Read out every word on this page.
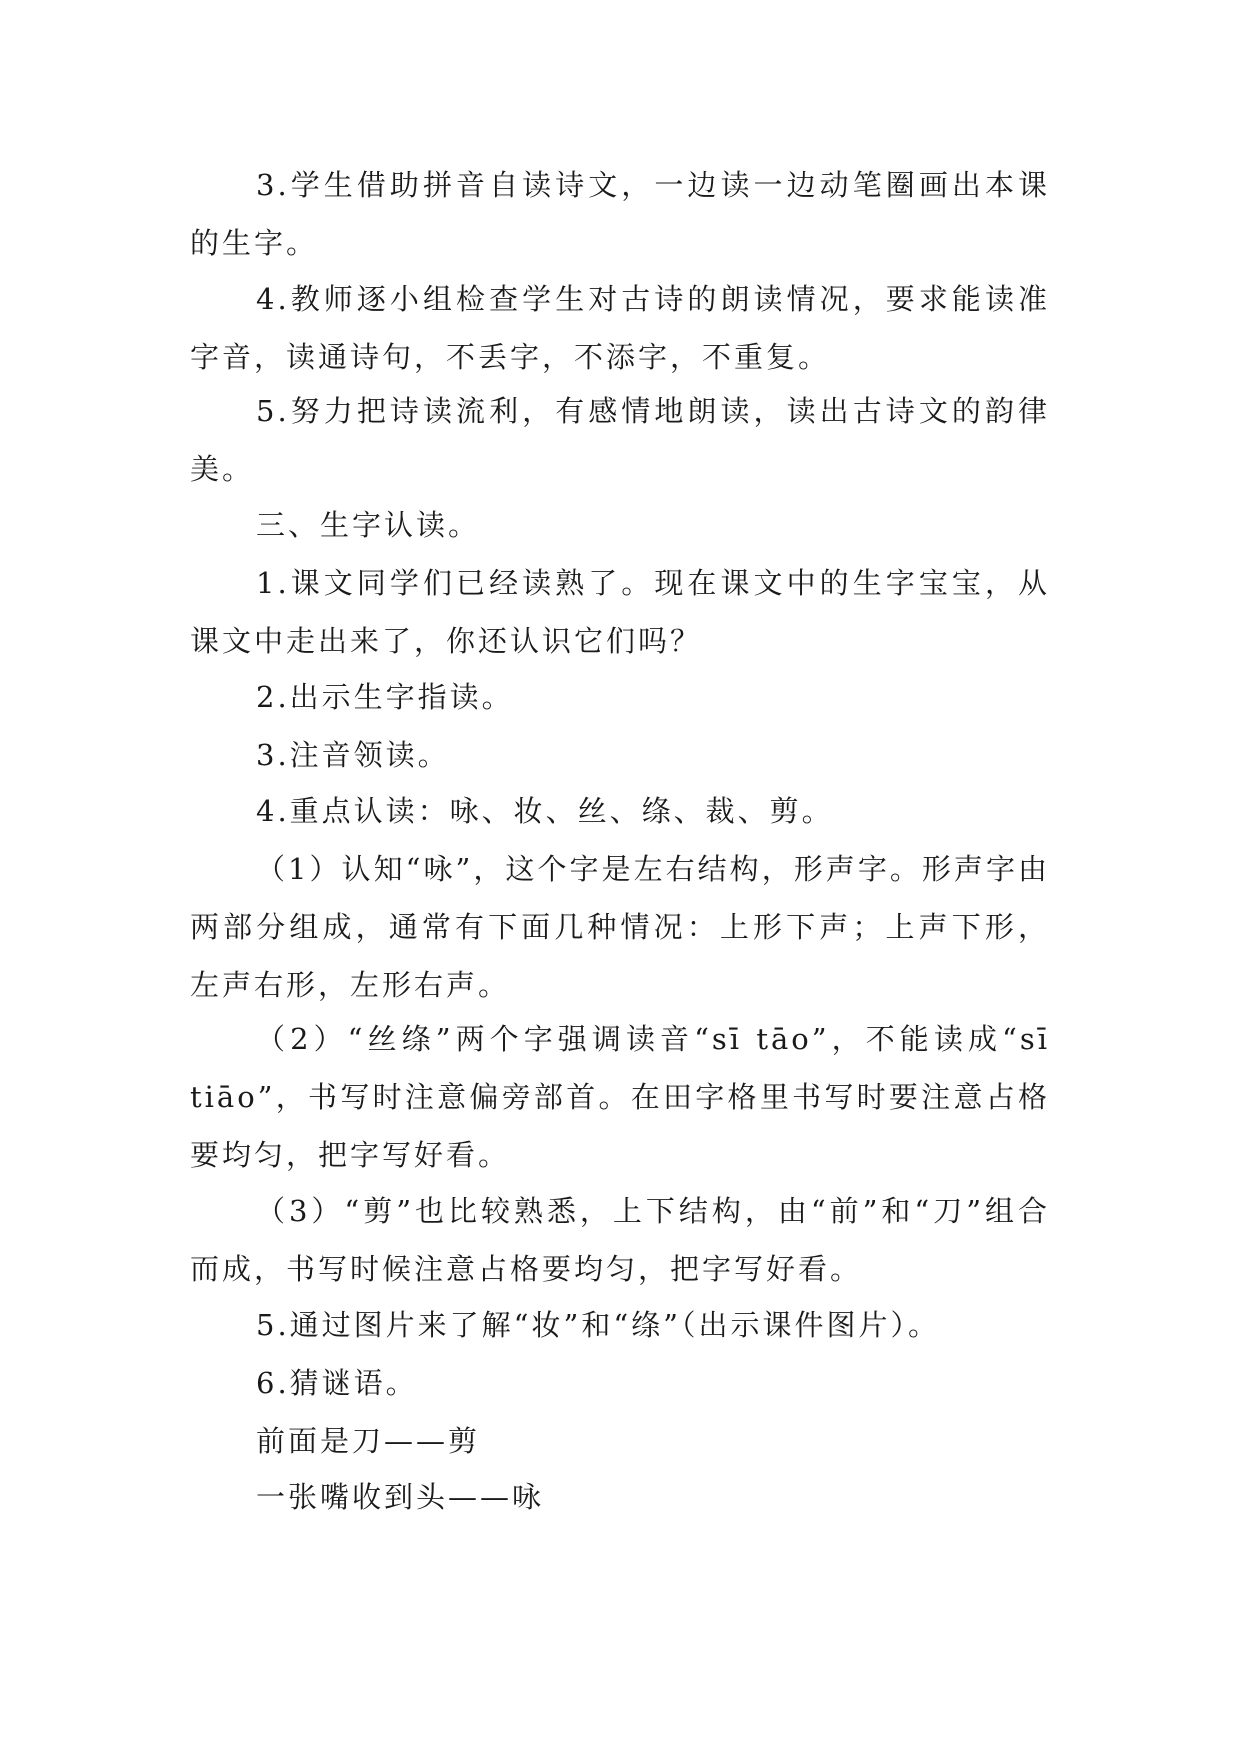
3.学生借助拼音自读诗文，一边读一边动笔圈画出本课的生字。

4.教师逐小组检查学生对古诗的朗读情况，要求能读准字音，读通诗句，不丢字，不添字，不重复。

5.努力把诗读流利，有感情地朗读，读出古诗文的韵律美。

三、生字认读。

1.课文同学们已经读熟了。现在课文中的生字宝宝，从课文中走出来了，你还认识它们吗？

2.出示生字指读。

3.注音领读。

4.重点认读：咏、妆、丝、绦、裁、剪。

（1）认知“咏”，这个字是左右结构，形声字。形声字由两部分组成，通常有下面几种情况：上形下声；上声下形，左声右形，左形右声。

（2）“丝绦”两个字强调读音“sī tāo”，不能读成“sī tiāo”，书写时注意偏旁部首。在田字格里书写时要注意占格要均匀，把字写好看。

（3）“剪”也比较熟悉，上下结构，由“前”和“刀”组合而成，书写时候注意占格要均匀，把字写好看。

5.通过图片来了解“妆”和“绦”（出示课件图片）。

6.猜谜语。

前面是刀——剪

一张嘴收到头——咏
